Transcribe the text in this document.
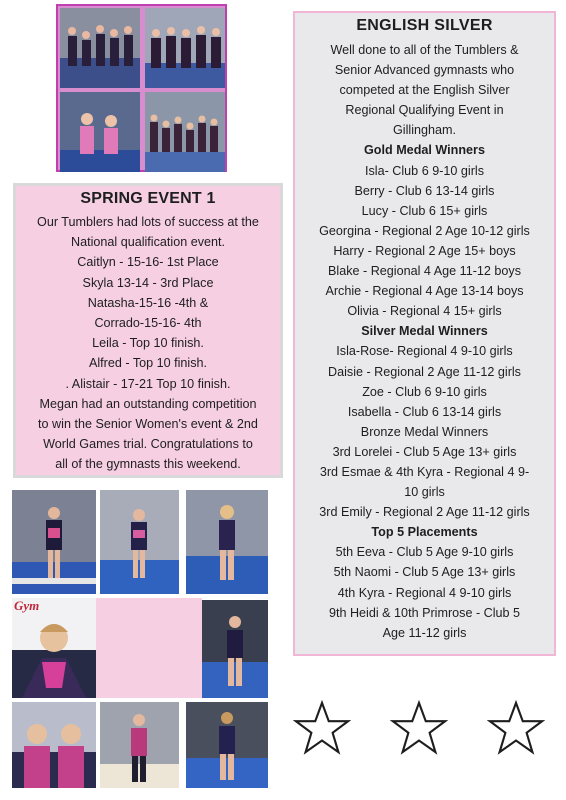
SPRING EVENT 1
Our Tumblers had lots of success at the
National qualification event.
Caitlyn - 15-16- 1st Place
Skyla 13-14 - 3rd Place
Natasha-15-16 -4th &
Corrado-15-16- 4th
Leila - Top 10 finish.
Alfred - Top 10 finish.
. Alistair - 17-21 Top 10 finish.
Megan had an outstanding competition
to win the Senior Women's event & 2nd
World Games trial. Congratulations to
all of the gymnasts this weekend.
ENGLISH SILVER
Well done to all of the Tumblers &
Senior Advanced gymnasts who
competed at the English Silver
Regional Qualifying Event in
Gillingham.
Gold Medal Winners
Isla- Club 6 9-10 girls
Berry - Club 6 13-14 girls
Lucy - Club 6 15+ girls
Georgina - Regional 2 Age 10-12 girls
Harry - Regional 2 Age 15+ boys
Blake - Regional 4 Age 11-12 boys
Archie - Regional 4 Age 13-14 boys
Olivia - Regional 4 15+ girls
Silver Medal Winners
Isla-Rose- Regional 4 9-10 girls
Daisie - Regional 2 Age 11-12 girls
Zoe - Club 6 9-10 girls
Isabella - Club 6 13-14 girls
Bronze Medal Winners
3rd Lorelei - Club 5 Age 13+ girls
3rd Esmae & 4th Kyra - Regional 4 9-
10 girls
3rd Emily - Regional 2 Age 11-12 girls
Top 5 Placements
5th Eeva - Club 5 Age 9-10 girls
5th Naomi - Club 5 Age 13+ girls
4th Kyra - Regional 4 9-10 girls
9th Heidi & 10th Primrose - Club 5
Age 11-12 girls
Gym
